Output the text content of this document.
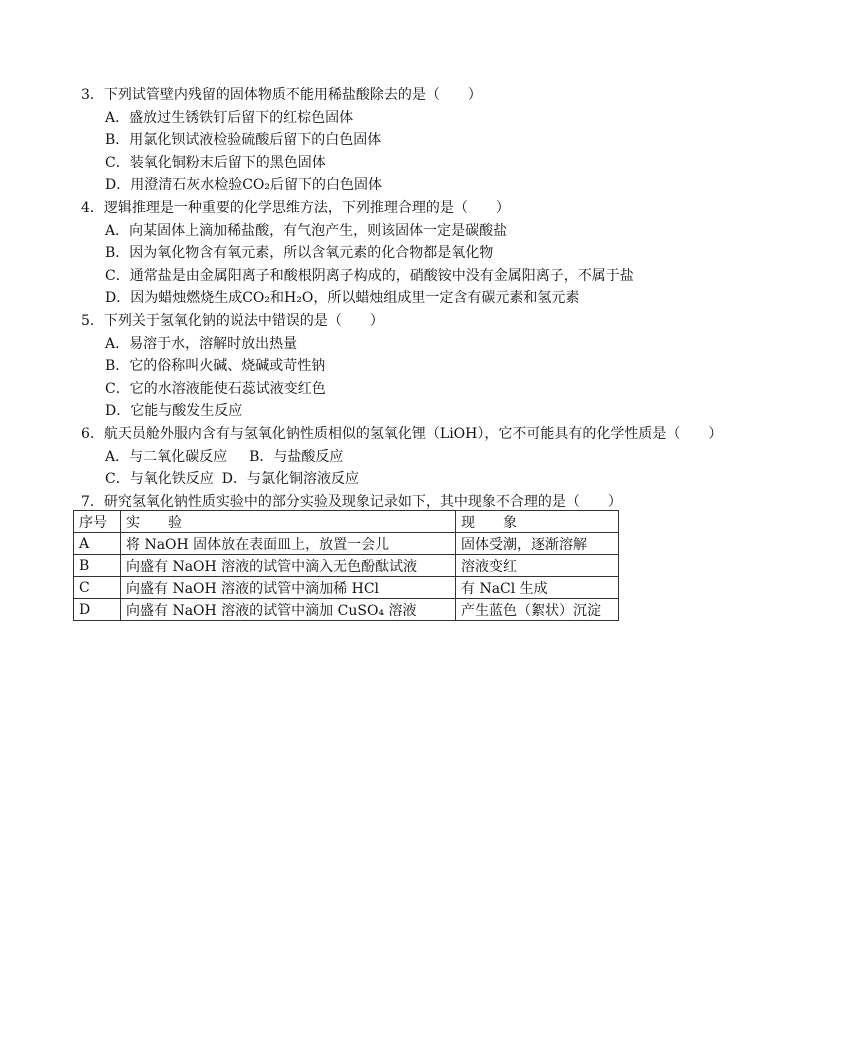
3．下列试管壁内残留的固体物质不能用稀盐酸除去的是（　　）
A．盛放过生锈铁钉后留下的红棕色固体
B．用氯化钡试液检验硫酸后留下的白色固体
C．装氧化铜粉末后留下的黑色固体
D．用澄清石灰水检验CO₂后留下的白色固体
4．逻辑推理是一种重要的化学思维方法，下列推理合理的是（　　）
A．向某固体上滴加稀盐酸，有气泡产生，则该固体一定是碳酸盐
B．因为氧化物含有氧元素，所以含氧元素的化合物都是氧化物
C．通常盐是由金属阳离子和酸根阴离子构成的，硝酸铵中没有金属阳离子，不属于盐
D．因为蜡烛燃烧生成CO₂和H₂O，所以蜡烛组成里一定含有碳元素和氢元素
5．下列关于氢氧化钠的说法中错误的是（　　）
A．易溶于水，溶解时放出热量
B．它的俗称叫火碱、烧碱或苛性钠
C．它的水溶液能使石蕊试液变红色
D．它能与酸发生反应
6．航天员舱外服内含有与氢氧化钠性质相似的氢氧化锂（LiOH），它不可能具有的化学性质是（　　）
A．与二氧化碳反应 B．与盐酸反应
C．与氧化铁反应 D．与氯化铜溶液反应
7．研究氢氧化钠性质实验中的部分实验及现象记录如下，其中现象不合理的是（　　）
序号	实　　验	现　　象
A	将 NaOH 固体放在表面皿上，放置一会儿	固体受潮，逐渐溶解
B	向盛有 NaOH 溶液的试管中滴入无色酚酞试液	溶液变红
C	向盛有 NaOH 溶液的试管中滴加稀 HCl	有 NaCl 生成
D	向盛有 NaOH 溶液的试管中滴加 CuSO₄ 溶液	产生蓝色（絮状）沉淀
